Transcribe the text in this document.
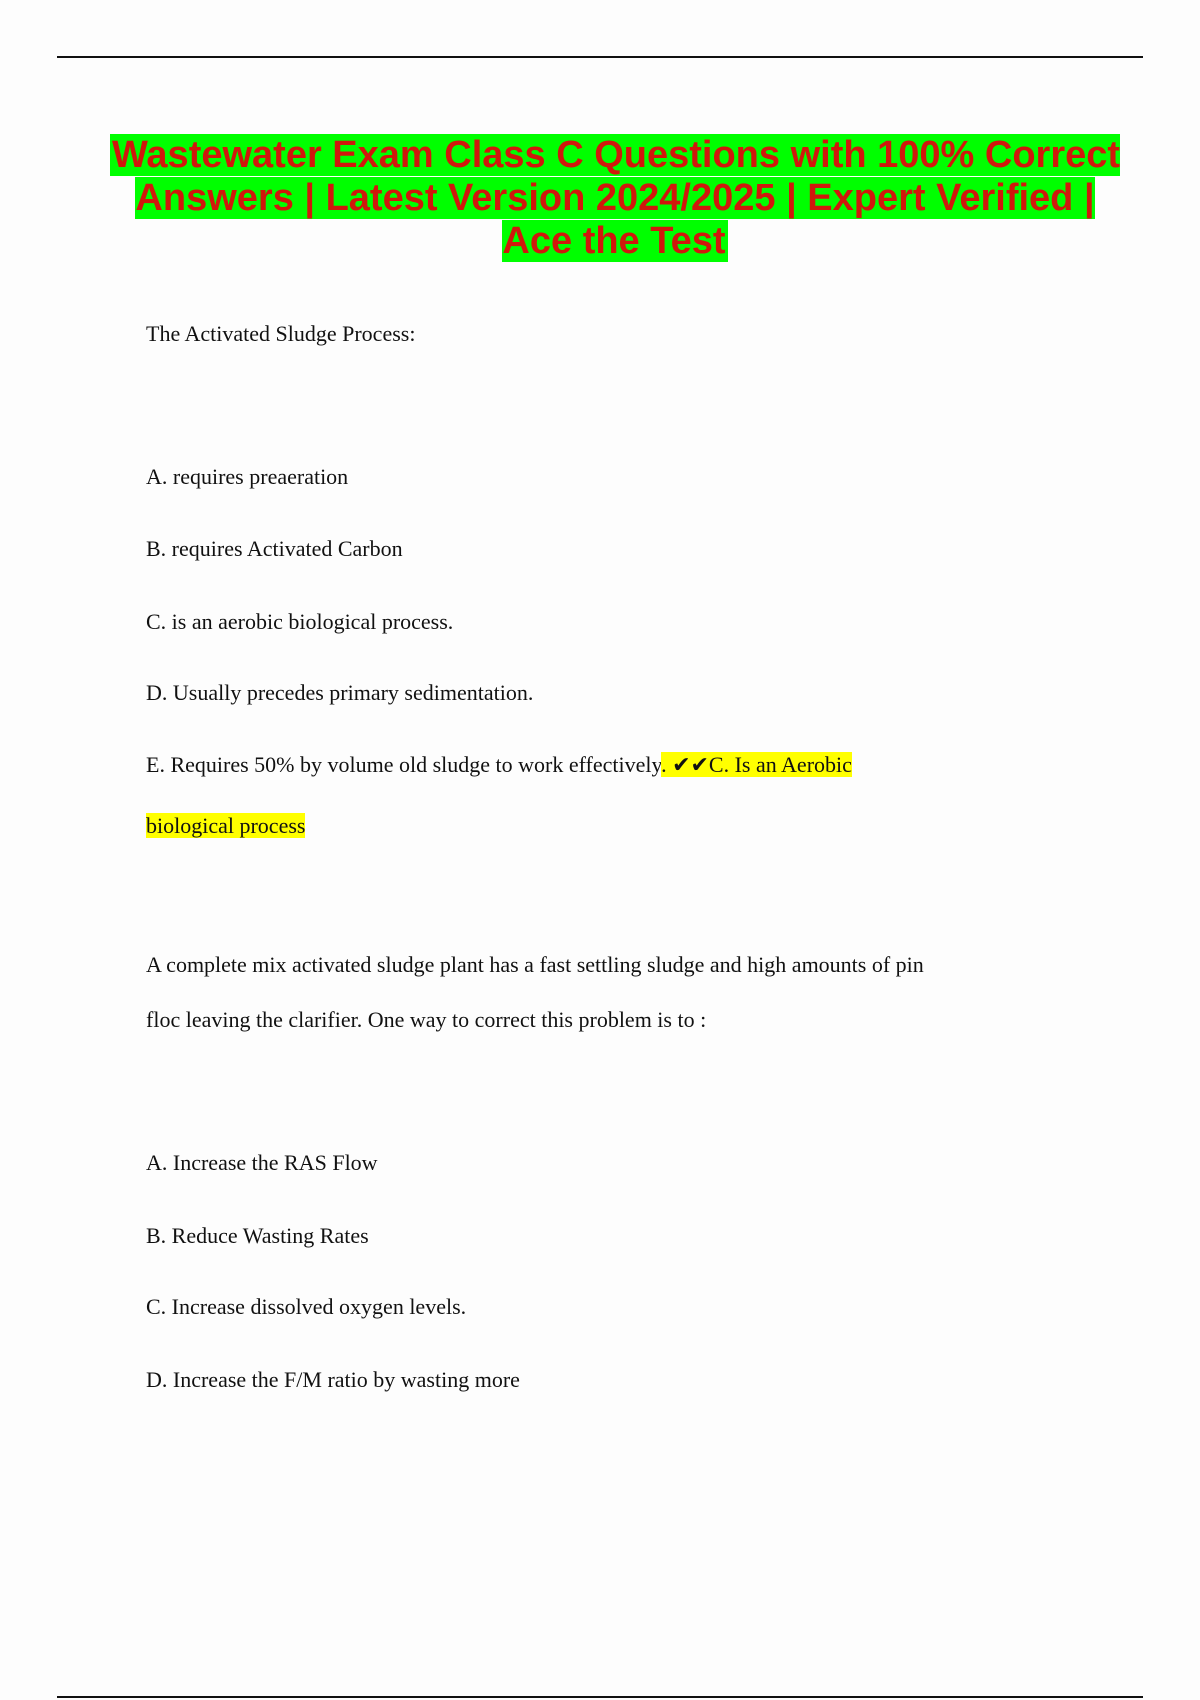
Wastewater Exam Class C Questions with 100% Correct Answers | Latest Version 2024/2025 | Expert Verified | Ace the Test
The Activated Sludge Process:
A. requires preaeration
B. requires Activated Carbon
C. is an aerobic biological process.
D. Usually precedes primary sedimentation.
E. Requires 50% by volume old sludge to work effectively. ✔✔C. Is an Aerobic
biological process
A complete mix activated sludge plant has a fast settling sludge and high amounts of pin
floc leaving the clarifier. One way to correct this problem is to :
A. Increase the RAS Flow
B. Reduce Wasting Rates
C. Increase dissolved oxygen levels.
D. Increase the F/M ratio by wasting more
